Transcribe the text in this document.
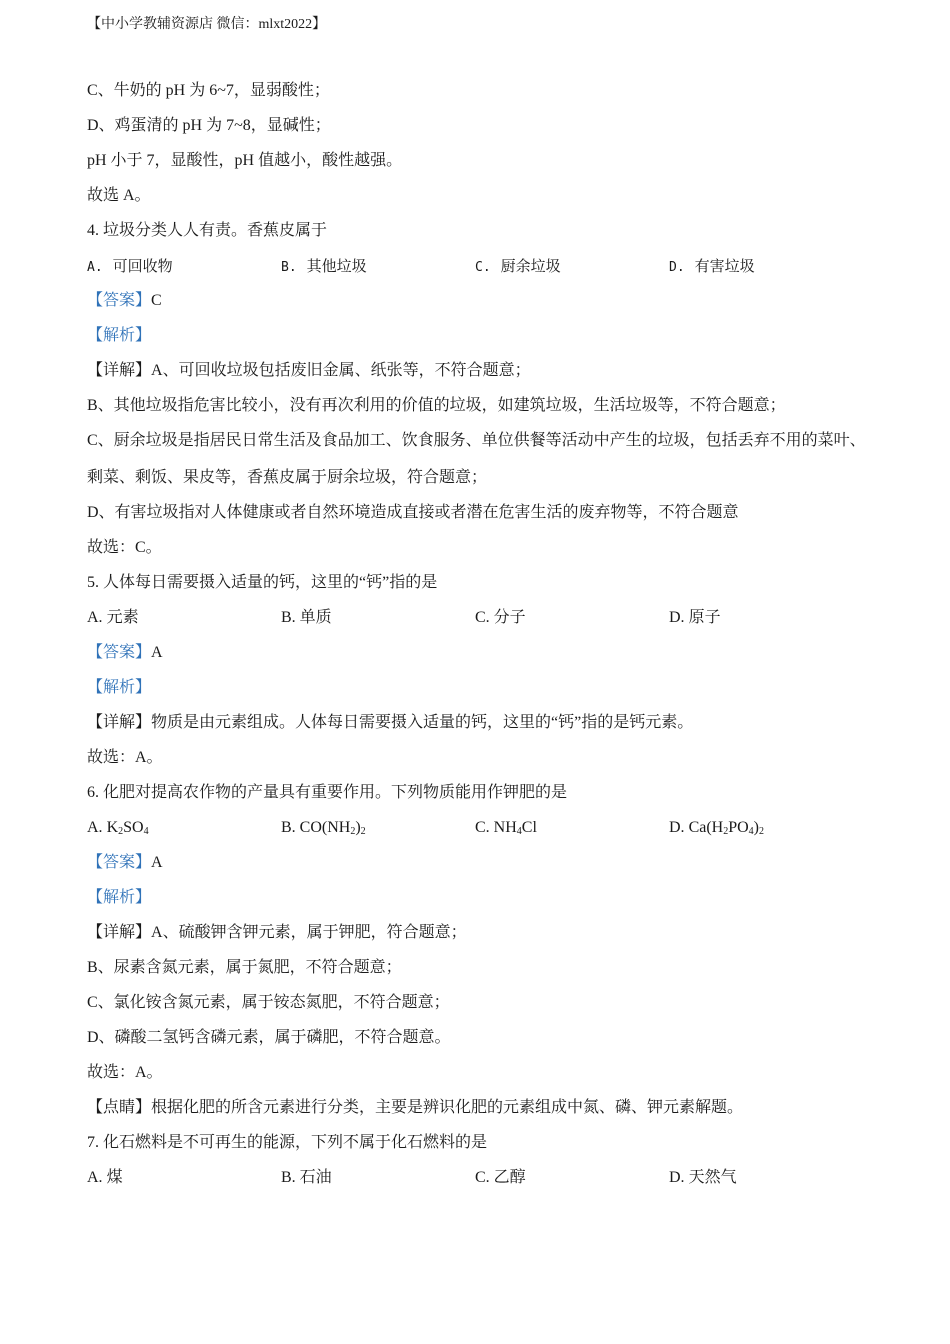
【中小学教辅资源店 微信：mlxt2022】
C、牛奶的 pH 为 6~7，显弱酸性；
D、鸡蛋清的 pH 为 7~8，显碱性；
pH 小于 7，显酸性，pH 值越小，酸性越强。
故选 A。
4. 垃圾分类人人有责。香蕉皮属于
A. 可回收物	B. 其他垃圾	C. 厨余垃圾	D. 有害垃圾
【答案】C
【解析】
【详解】A、可回收垃圾包括废旧金属、纸张等，不符合题意；
B、其他垃圾指危害比较小，没有再次利用的价值的垃圾，如建筑垃圾，生活垃圾等，不符合题意；
C、厨余垃圾是指居民日常生活及食品加工、饮食服务、单位供餐等活动中产生的垃圾，包括丢弃不用的菜叶、剩菜、剩饭、果皮等，香蕉皮属于厨余垃圾，符合题意；
D、有害垃圾指对人体健康或者自然环境造成直接或者潜在危害生活的废弃物等，不符合题意
故选：C。
5. 人体每日需要摄入适量的钙，这里的“钙”指的是
A. 元素	B. 单质	C. 分子	D. 原子
【答案】A
【解析】
【详解】物质是由元素组成。人体每日需要摄入适量的钙，这里的“钙”指的是钙元素。
故选：A。
6. 化肥对提高农作物的产量具有重要作用。下列物质能用作钾肥的是
A. $K_2SO_4$	B. $CO(NH_2)_2$	C. $NH_4Cl$	D. $Ca(H_2PO_4)_2$
【答案】A
【解析】
【详解】A、硫酸钾含钾元素，属于钾肥，符合题意；
B、尿素含氮元素，属于氮肥，不符合题意；
C、氯化铵含氮元素，属于铵态氮肥，不符合题意；
D、磷酸二氢钙含磷元素，属于磷肥，不符合题意。
故选：A。
【点睛】根据化肥的所含元素进行分类，主要是辨识化肥的元素组成中氮、磷、钾元素解题。
7. 化石燃料是不可再生的能源，下列不属于化石燃料的是
A. 煤	B. 石油	C. 乙醇	D. 天然气
